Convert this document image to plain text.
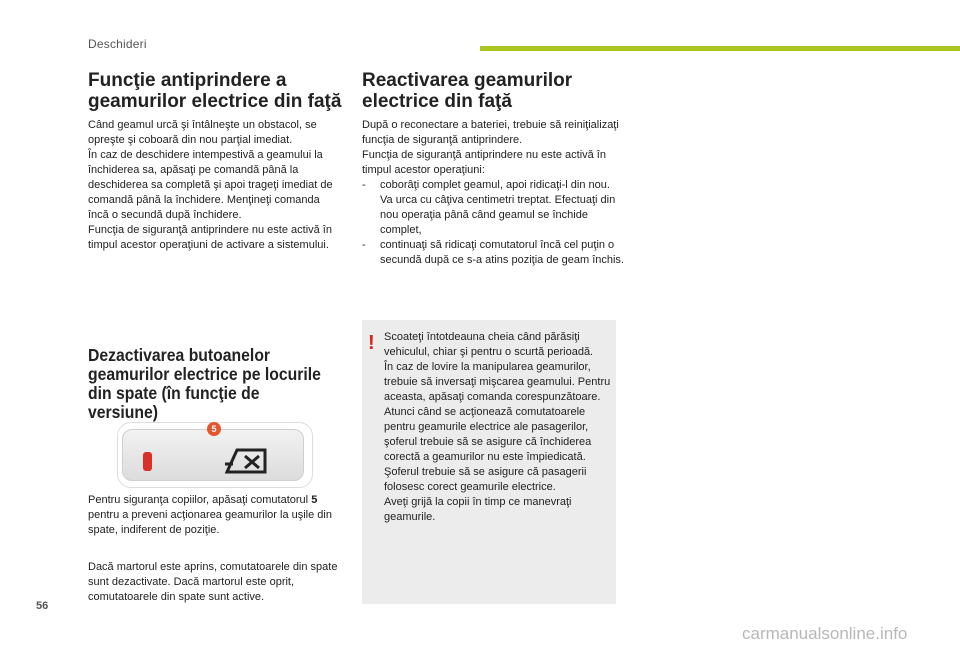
Deschideri
Funcţie antiprindere a geamurilor electrice din faţă
Când geamul urcă şi întâlneşte un obstacol, se opreşte şi coboară din nou parţial imediat.
În caz de deschidere intempestivă a geamului la închiderea sa, apăsaţi pe comandă până la deschiderea sa completă şi apoi trageţi imediat de comandă până la închidere. Menţineţi comanda încă o secundă după închidere.
Funcţia de siguranţă antiprindere nu este activă în timpul acestor operaţiuni de activare a sistemului.
Dezactivarea butoanelor geamurilor electrice pe locurile din spate (în funcţie de versiune)
5
Pentru siguranţa copiilor, apăsaţi comutatorul 5 pentru a preveni acţionarea geamurilor la uşile din spate, indiferent de poziţie.
Dacă martorul este aprins, comutatoarele din spate sunt dezactivate. Dacă martorul este oprit, comutatoarele din spate sunt active.
Reactivarea geamurilor electrice din faţă
După o reconectare a bateriei, trebuie să reiniţializaţi funcţia de siguranţă antiprindere.
Funcţia de siguranţă antiprindere nu este activă în timpul acestor operaţiuni:
- coborâţi complet geamul, apoi ridicaţi-l din nou. Va urca cu câţiva centimetri treptat. Efectuaţi din nou operaţia până când geamul se închide complet,
- continuaţi să ridicaţi comutatorul încă cel puţin o secundă după ce s-a atins poziţia de geam închis.
! Scoateţi întotdeauna cheia când părăsiţi vehiculul, chiar şi pentru o scurtă perioadă.
În caz de lovire la manipularea geamurilor, trebuie să inversaţi mişcarea geamului. Pentru aceasta, apăsaţi comanda corespunzătoare.
Atunci când se acţionează comutatoarele pentru geamurile electrice ale pasagerilor, şoferul trebuie să se asigure că închiderea corectă a geamurilor nu este împiedicată.
Şoferul trebuie să se asigure că pasagerii folosesc corect geamurile electrice.
Aveţi grijă la copii în timp ce manevraţi geamurile.
56
carmanualsonline.info
